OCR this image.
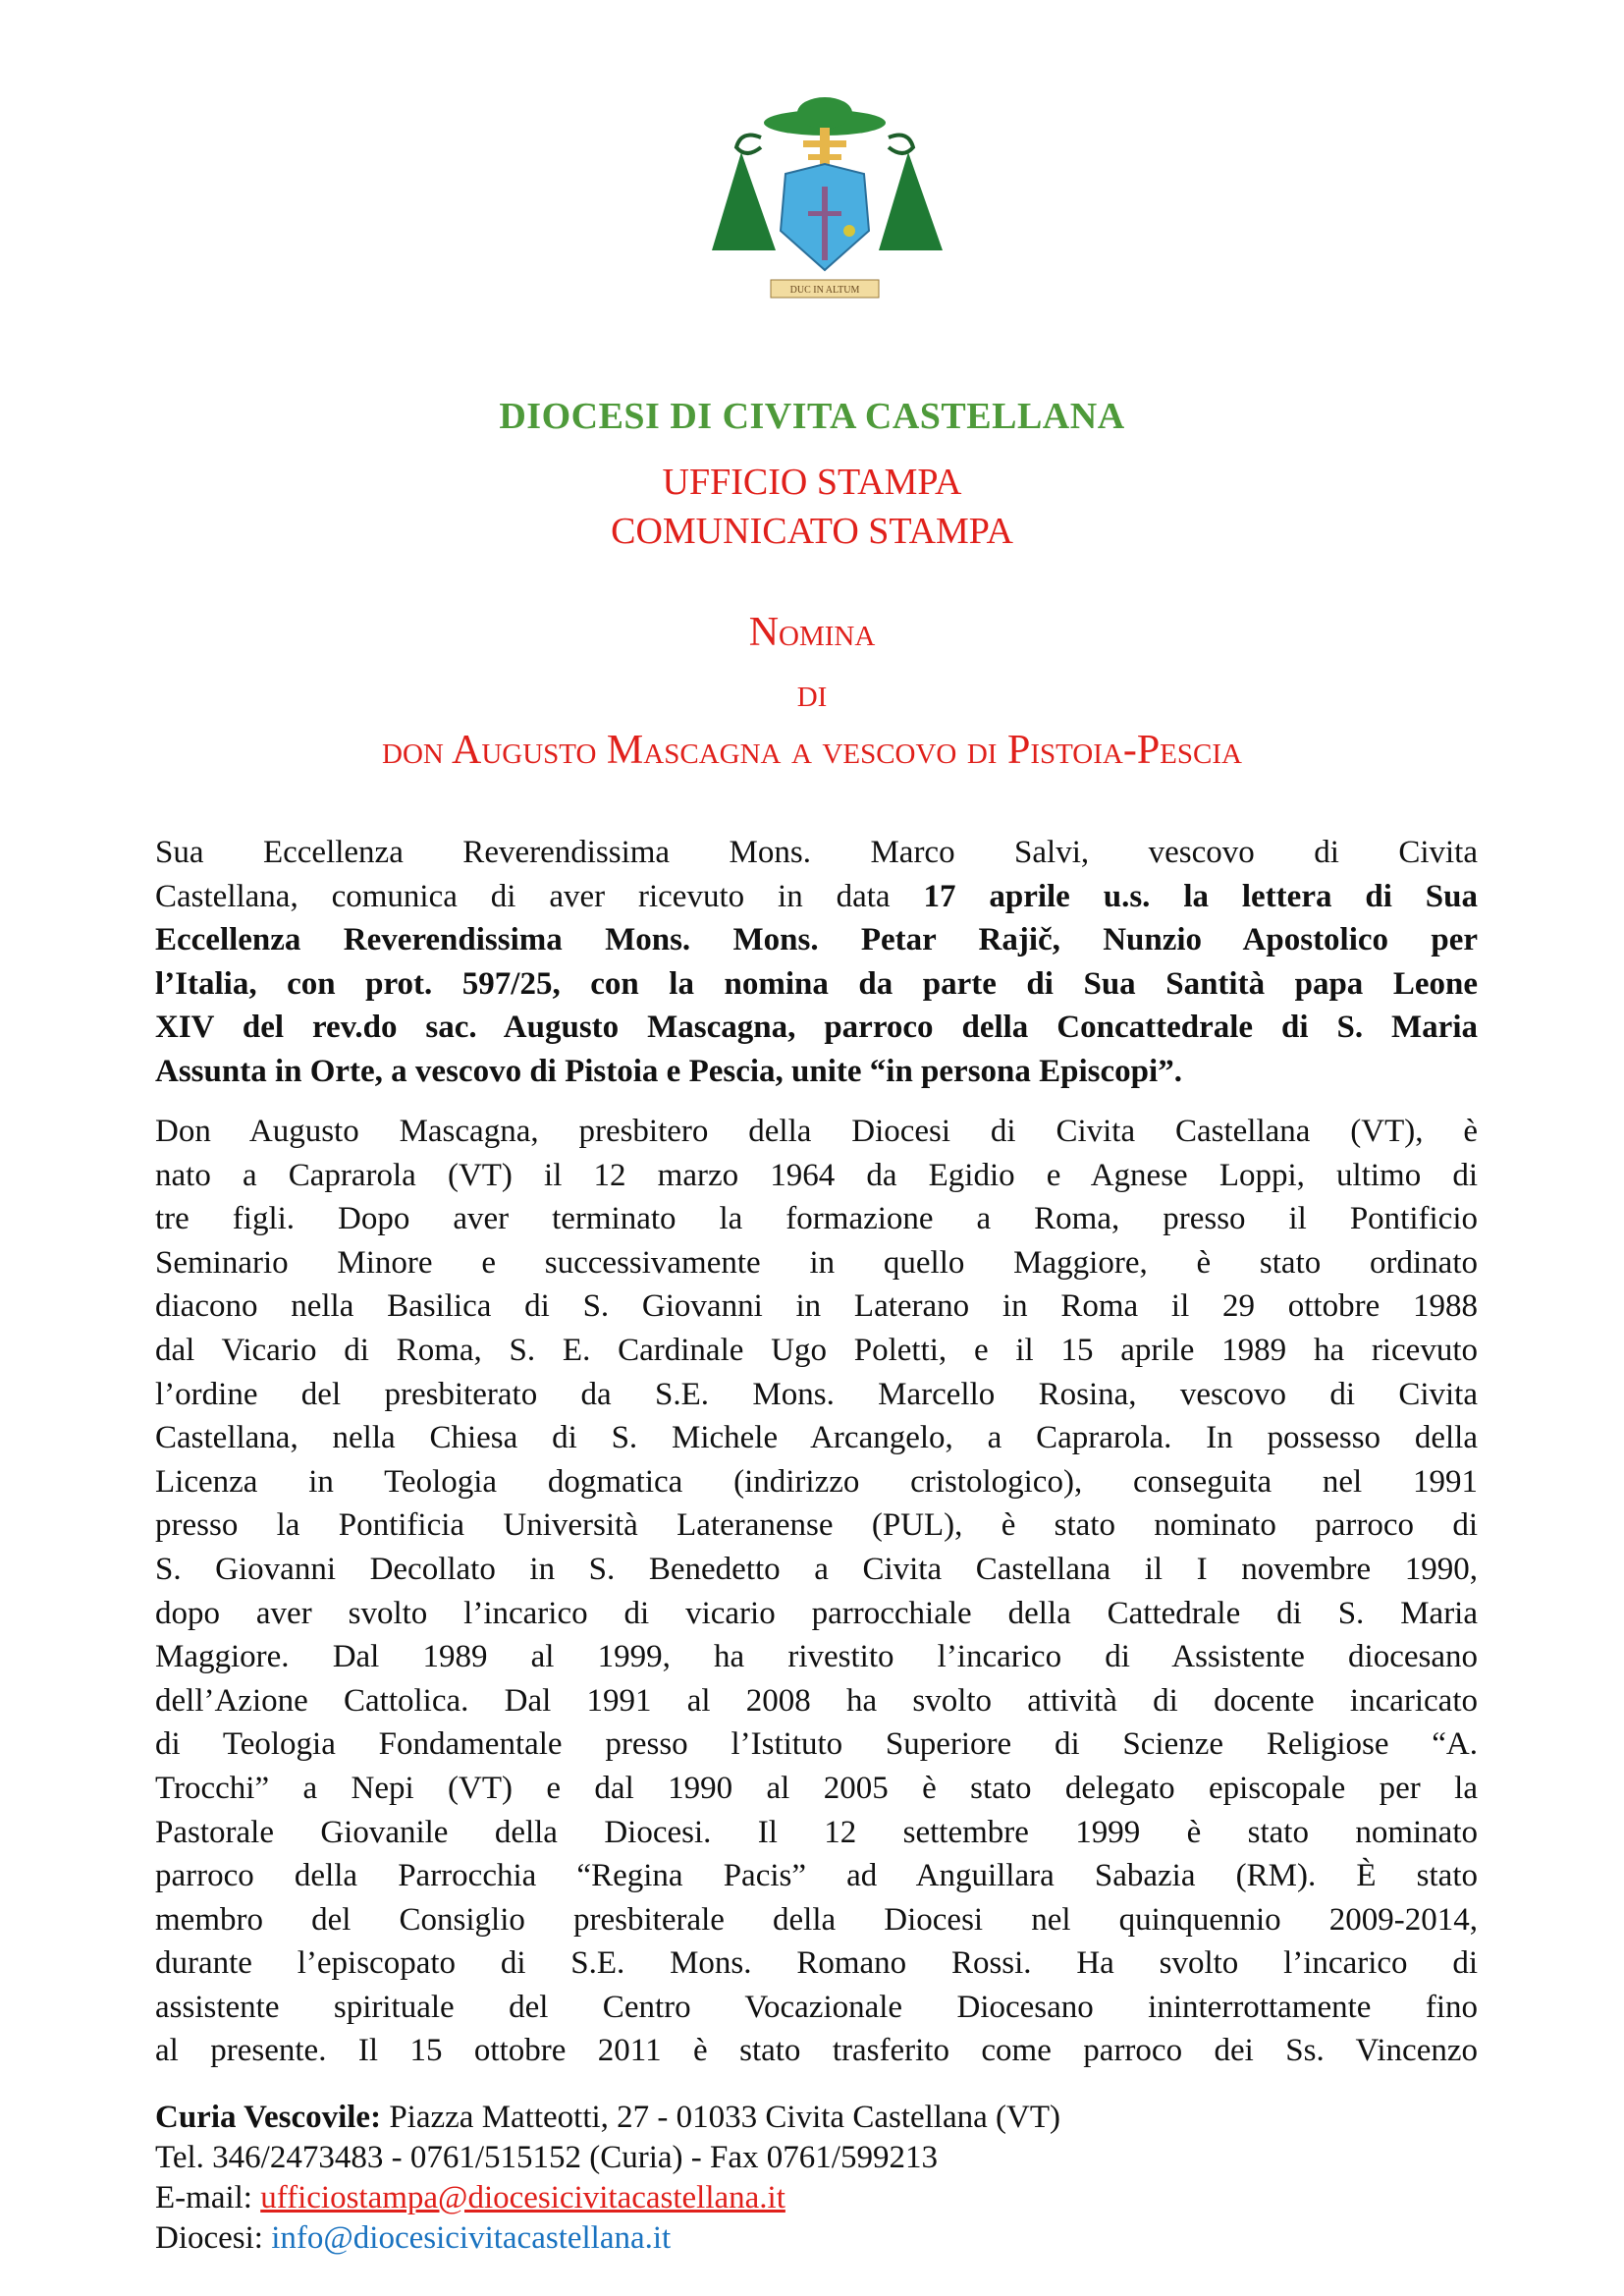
DUC IN ALTUM
DIOCESI DI CIVITA CASTELLANA
UFFICIO STAMPA
COMUNICATO STAMPA
Nomina
di
don Augusto Mascagna a vescovo di Pistoia-Pescia
Sua Eccellenza Reverendissima Mons. Marco Salvi, vescovo di Civita
Castellana, comunica di aver ricevuto in data 17 aprile u.s. la lettera di Sua
Eccellenza Reverendissima Mons. Mons. Petar Rajič, Nunzio Apostolico per
l’Italia, con prot. 597/25, con la nomina da parte di Sua Santità papa Leone
XIV del rev.do sac. Augusto Mascagna, parroco della Concattedrale di S. Maria
Assunta in Orte, a vescovo di Pistoia e Pescia, unite “in persona Episcopi”.
Don Augusto Mascagna, presbitero della Diocesi di Civita Castellana (VT), è
nato a Caprarola (VT) il 12 marzo 1964 da Egidio e Agnese Loppi, ultimo di
tre figli. Dopo aver terminato la formazione a Roma, presso il Pontificio
Seminario Minore e successivamente in quello Maggiore, è stato ordinato
diacono nella Basilica di S. Giovanni in Laterano in Roma il 29 ottobre 1988
dal Vicario di Roma, S. E. Cardinale Ugo Poletti, e il 15 aprile 1989 ha ricevuto
l’ordine del presbiterato da S.E. Mons. Marcello Rosina, vescovo di Civita
Castellana, nella Chiesa di S. Michele Arcangelo, a Caprarola. In possesso della
Licenza in Teologia dogmatica (indirizzo cristologico), conseguita nel 1991
presso la Pontificia Università Lateranense (PUL), è stato nominato parroco di
S. Giovanni Decollato in S. Benedetto a Civita Castellana il I novembre 1990,
dopo aver svolto l’incarico di vicario parrocchiale della Cattedrale di S. Maria
Maggiore. Dal 1989 al 1999, ha rivestito l’incarico di Assistente diocesano
dell’Azione Cattolica. Dal 1991 al 2008 ha svolto attività di docente incaricato
di Teologia Fondamentale presso l’Istituto Superiore di Scienze Religiose “A.
Trocchi” a Nepi (VT) e dal 1990 al 2005 è stato delegato episcopale per la
Pastorale Giovanile della Diocesi. Il 12 settembre 1999 è stato nominato
parroco della Parrocchia “Regina Pacis” ad Anguillara Sabazia (RM). È stato
membro del Consiglio presbiterale della Diocesi nel quinquennio 2009-2014,
durante l’episcopato di S.E. Mons. Romano Rossi. Ha svolto l’incarico di
assistente spirituale del Centro Vocazionale Diocesano ininterrottamente fino
al presente. Il 15 ottobre 2011 è stato trasferito come parroco dei Ss. Vincenzo
Curia Vescovile: Piazza Matteotti, 27 - 01033 Civita Castellana (VT)
Tel. 346/2473483 - 0761/515152 (Curia) - Fax 0761/599213
E-mail: ufficiostampa@diocesicivitacastellana.it
Diocesi: info@diocesicivitacastellana.it
